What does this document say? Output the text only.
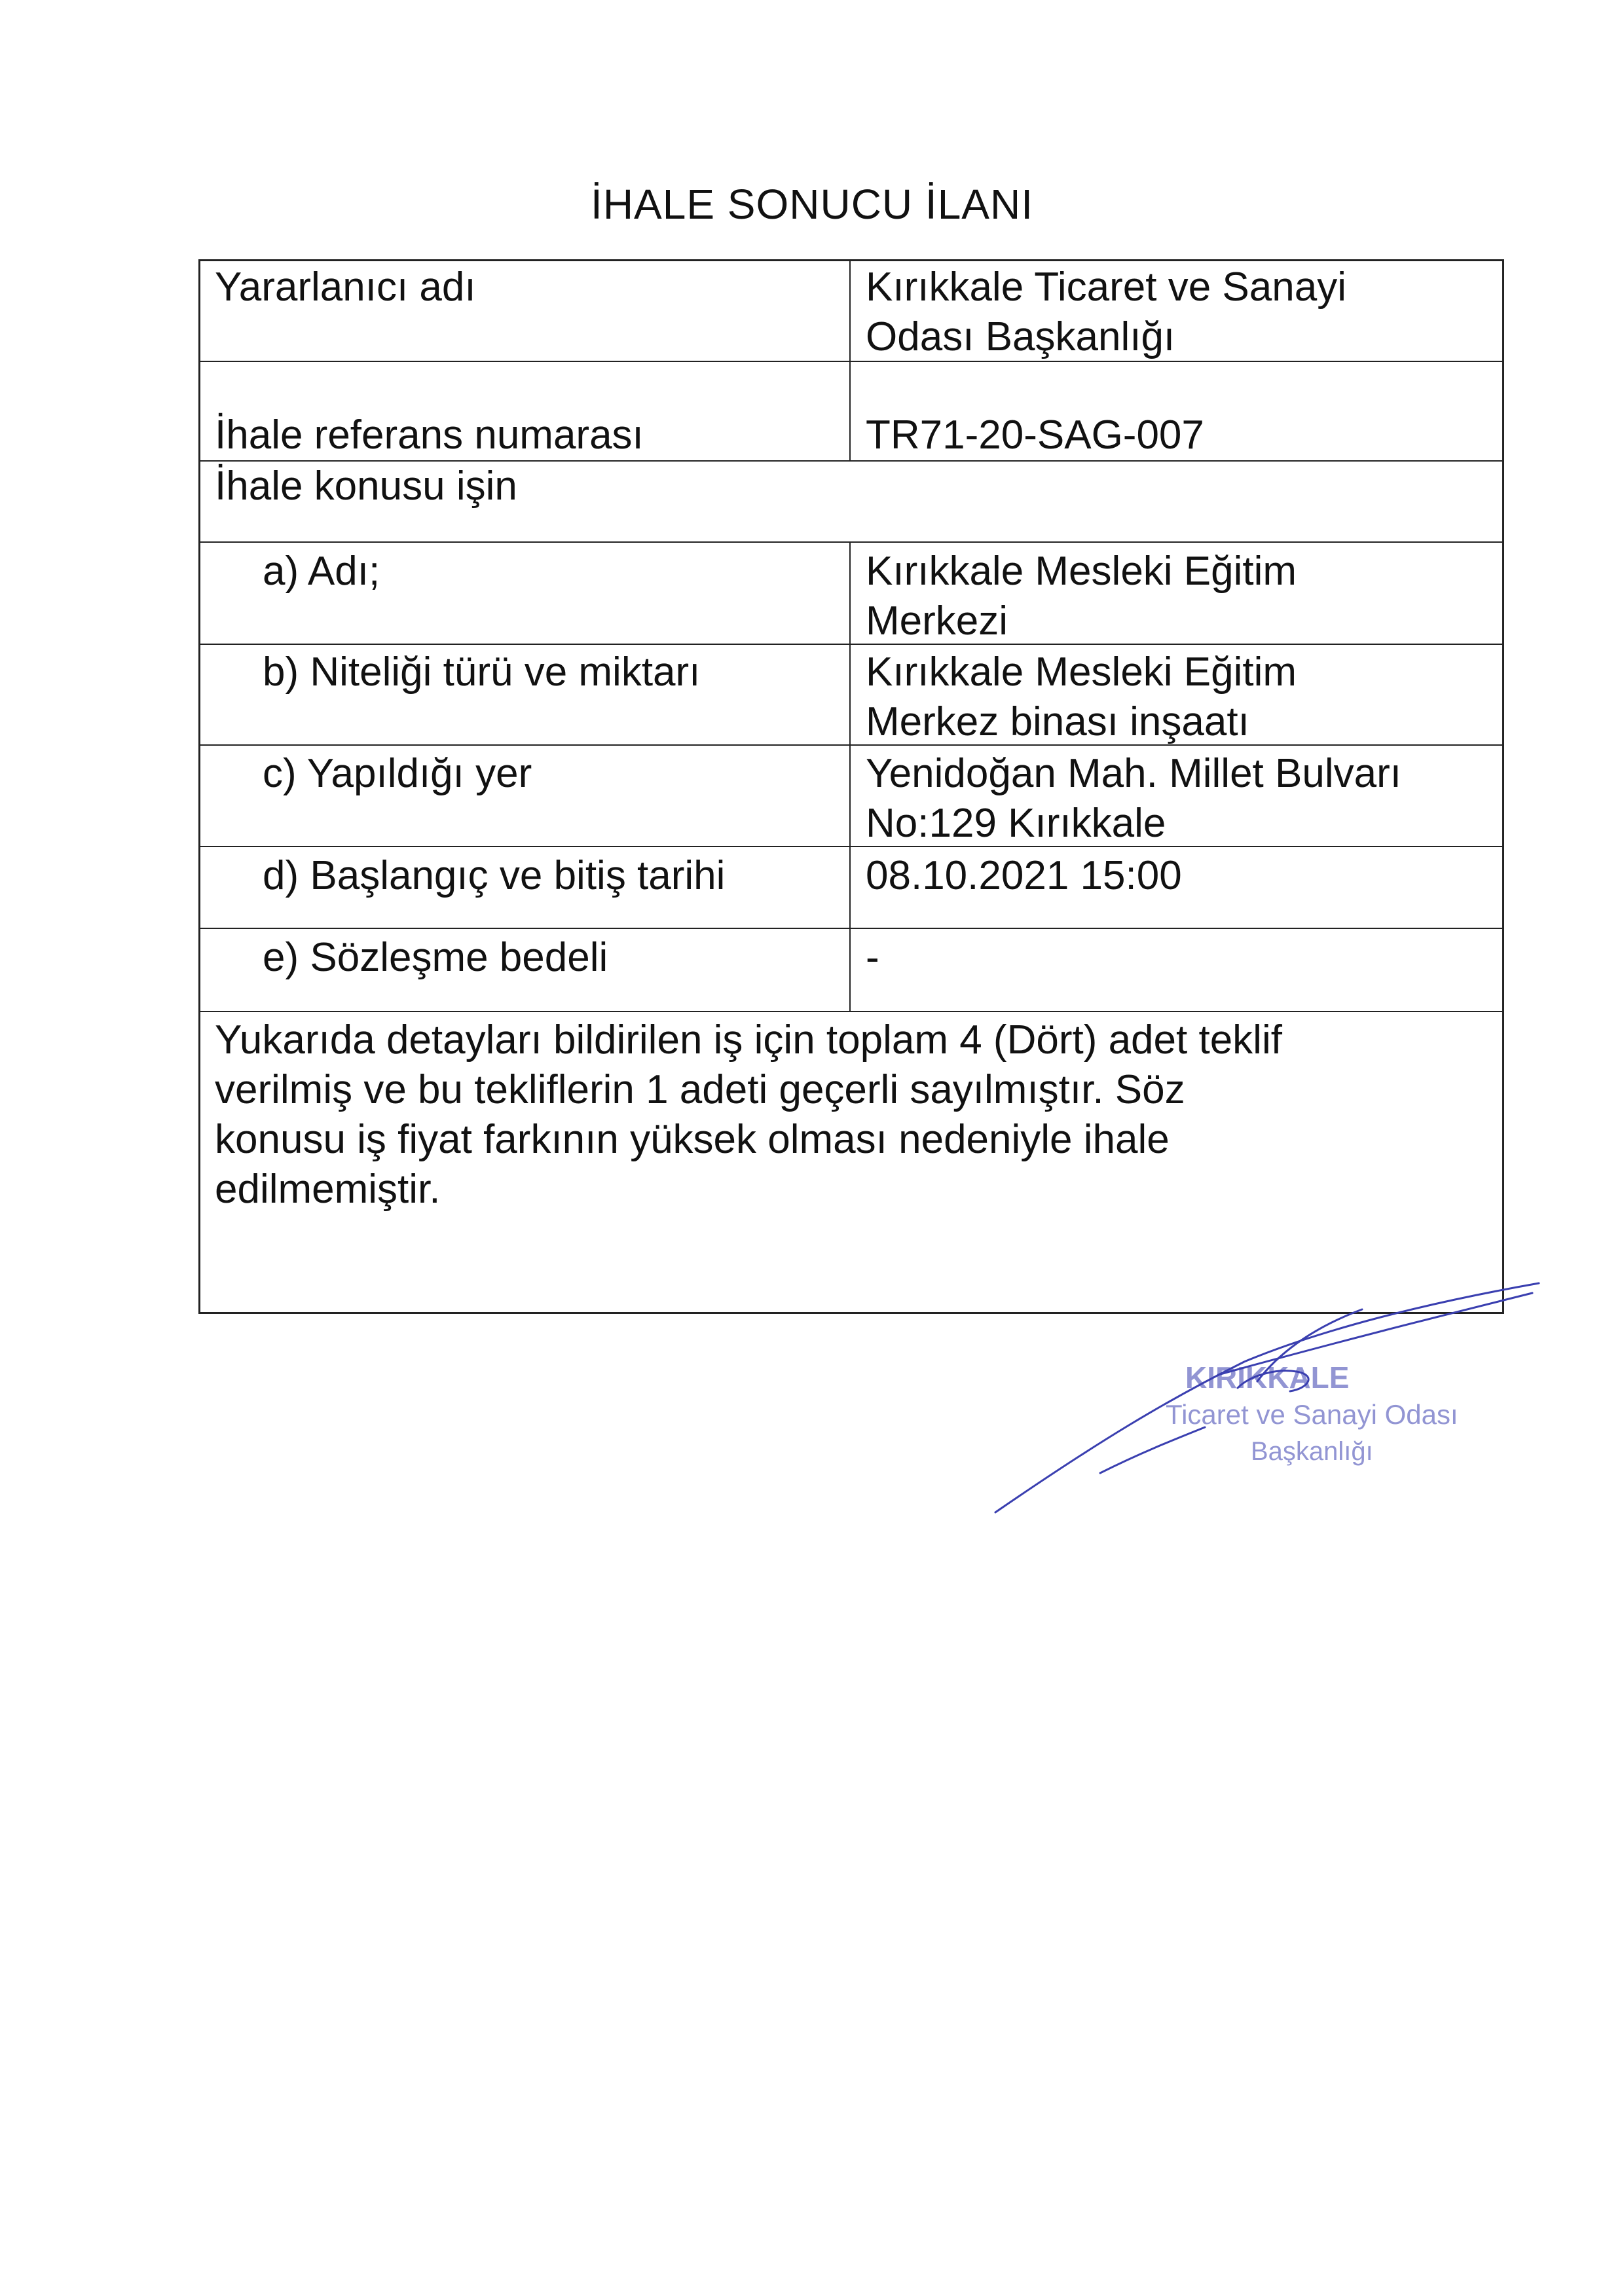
İHALE SONUCU İLANI
Yararlanıcı adı	Kırıkkale Ticaret ve Sanayi
Odası Başkanlığı
İhale referans numarası	TR71-20-SAG-007
İhale konusu işin
a) Adı;	Kırıkkale Mesleki Eğitim
Merkezi
b) Niteliği türü ve miktarı	Kırıkkale Mesleki Eğitim
Merkez binası inşaatı
c) Yapıldığı yer	Yenidoğan Mah. Millet Bulvarı
No:129 Kırıkkale
d) Başlangıç ve bitiş tarihi	08.10.2021 15:00
e) Sözleşme bedeli	-
Yukarıda detayları bildirilen iş için toplam 4 (Dört) adet teklif
verilmiş ve bu tekliflerin 1 adeti geçerli sayılmıştır. Söz
konusu iş fiyat farkının yüksek olması nedeniyle ihale
edilmemiştir.
KIRIKKALE
Ticaret ve Sanayi Odası
Başkanlığı
